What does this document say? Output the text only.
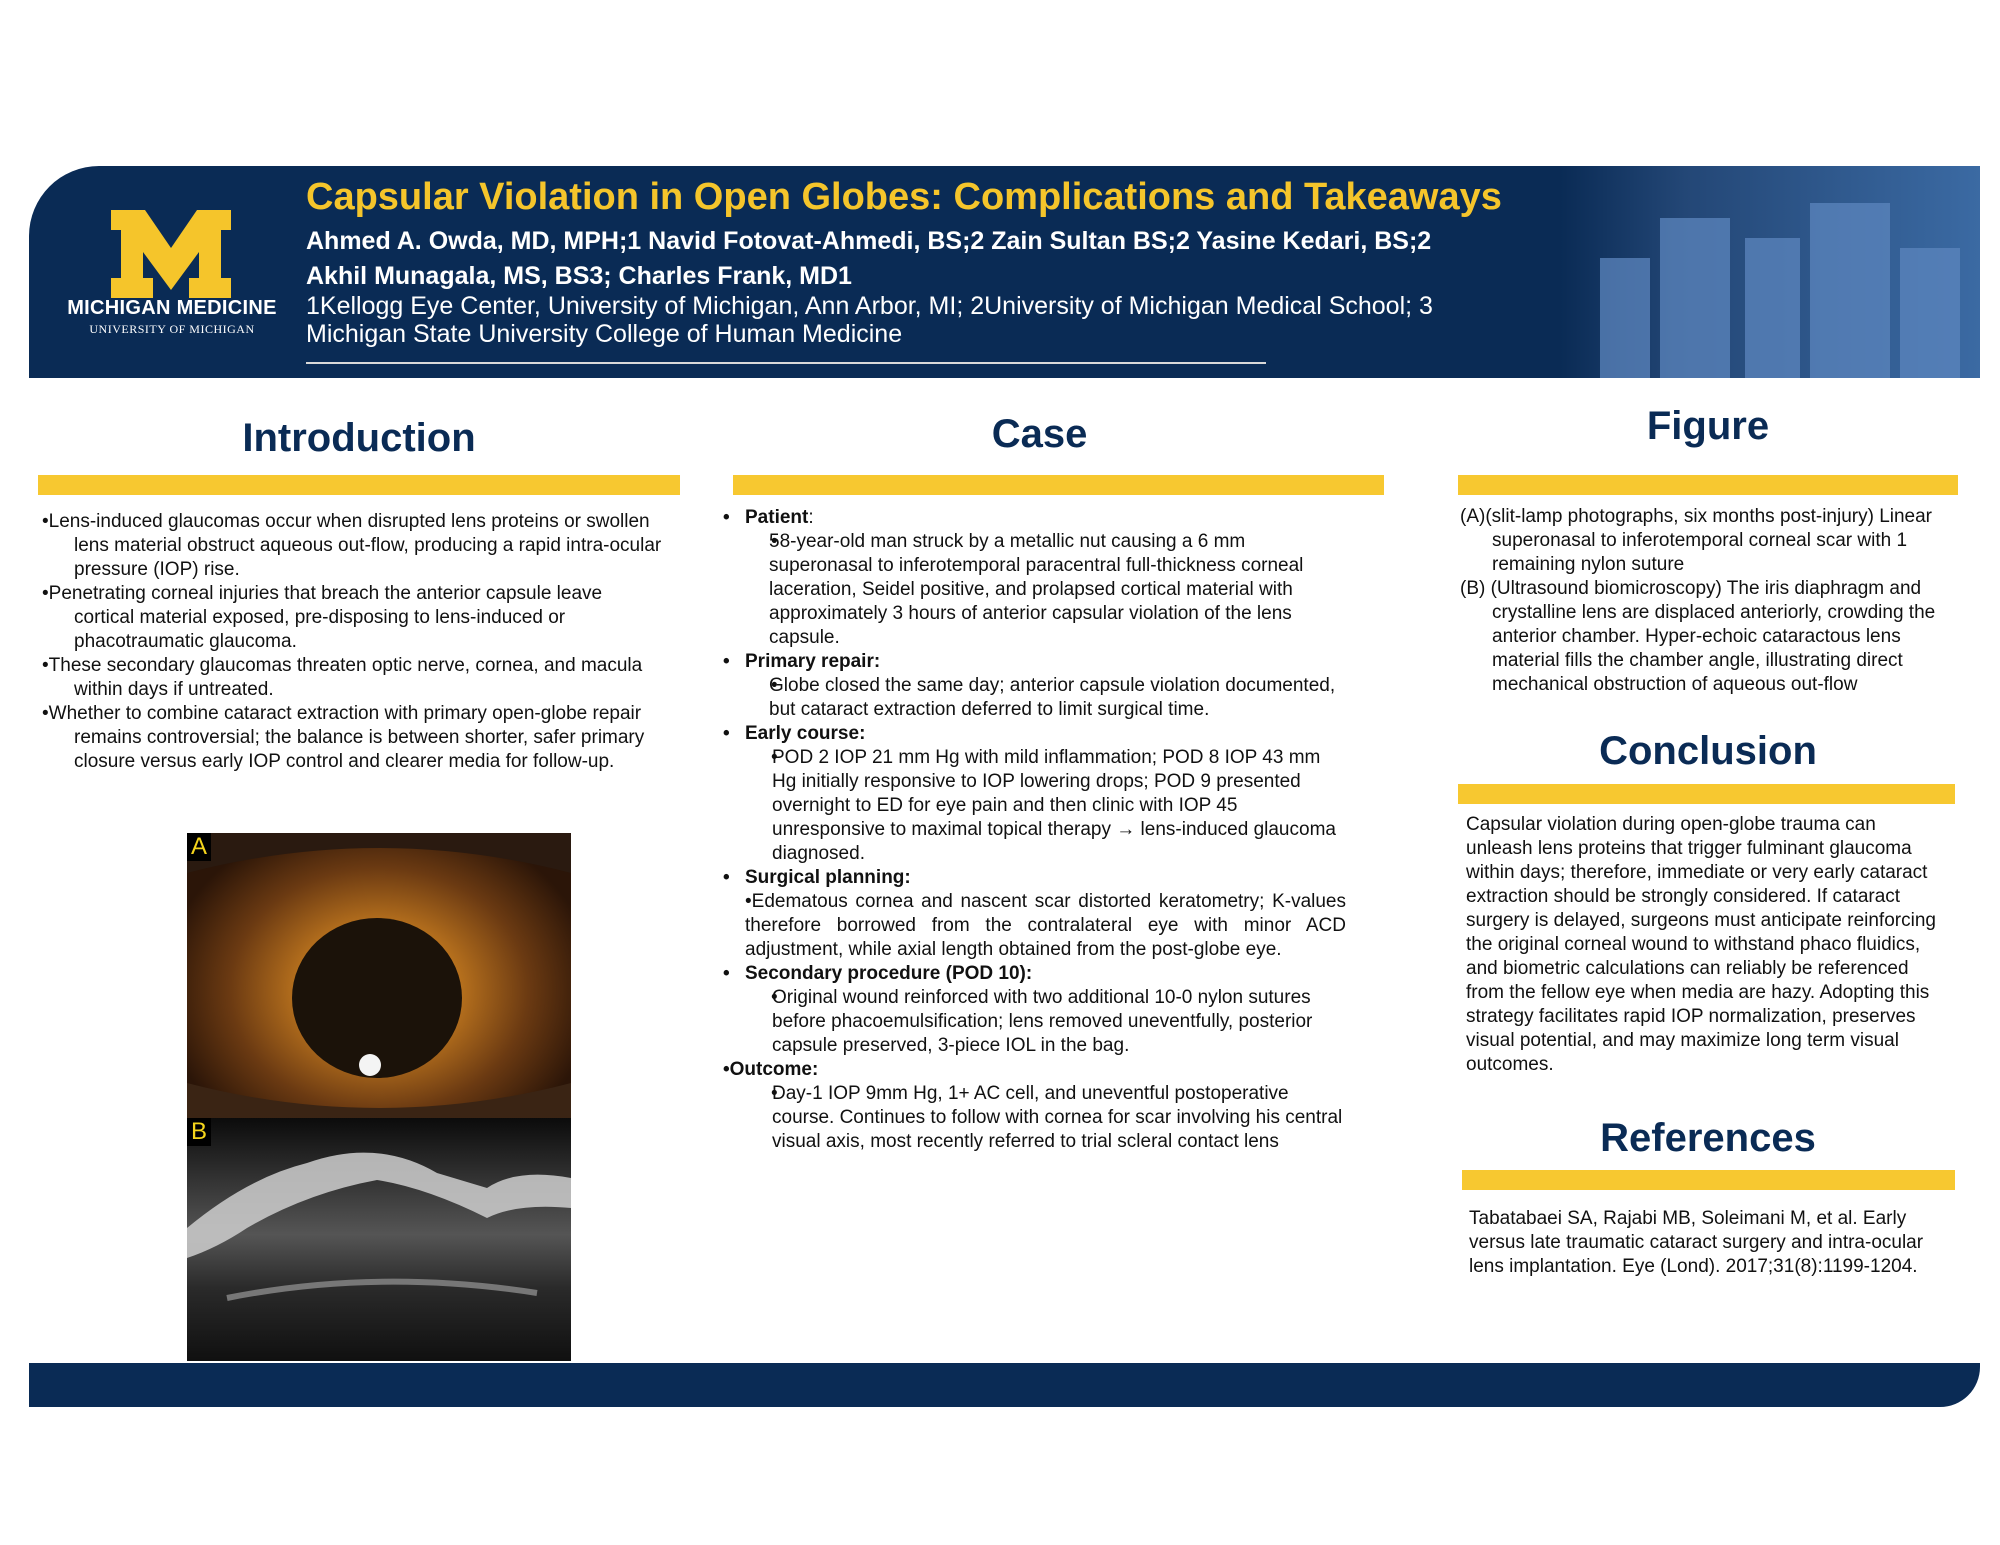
MICHIGAN MEDICINE
UNIVERSITY OF MICHIGAN
Capsular Violation in Open Globes: Complications and Takeaways
Ahmed A. Owda, MD, MPH;1 Navid Fotovat-Ahmedi, BS;2 Zain Sultan BS;2 Yasine Kedari, BS;2
Akhil Munagala, MS, BS3; Charles Frank, MD1
1Kellogg Eye Center, University of Michigan, Ann Arbor, MI; 2University of Michigan Medical School; 3
Michigan State University College of Human Medicine
Introduction

•Lens-induced glaucomas occur when disrupted lens proteins or swollen lens material obstruct aqueous out-flow, producing a rapid intra-ocular pressure (IOP) rise.

•Penetrating corneal injuries that breach the anterior capsule leave cortical material exposed, pre-disposing to lens-induced or phacotraumatic glaucoma.

•These secondary glaucomas threaten optic nerve, cornea, and macula within days if untreated.

•Whether to combine cataract extraction with primary open-globe repair remains controversial; the balance is between shorter, safer primary closure versus early IOP control and clearer media for follow-up.

A
B
Case

• Patient:

• 58-year-old man struck by a metallic nut causing a 6 mm superonasal to inferotemporal paracentral full-thickness corneal laceration, Seidel positive, and prolapsed cortical material with approximately 3 hours of anterior capsular violation of the lens capsule.

• Primary repair:

• Globe closed the same day; anterior capsule violation documented, but cataract extraction deferred to limit surgical time.

• Early course:

• POD 2 IOP 21 mm Hg with mild inflammation; POD 8 IOP 43 mm Hg initially responsive to IOP lowering drops; POD 9 presented overnight to ED for eye pain and then clinic with IOP 45 unresponsive to maximal topical therapy → lens-induced glaucoma diagnosed.

• Surgical planning:

•Edematous cornea and nascent scar distorted keratometry; K-values therefore borrowed from the contralateral eye with minor ACD adjustment, while axial length obtained from the post-globe eye.

• Secondary procedure (POD 10):

• Original wound reinforced with two additional 10-0 nylon sutures before phacoemulsification; lens removed uneventfully, posterior capsule preserved, 3-piece IOL in the bag.

•Outcome:

• Day-1 IOP 9mm Hg, 1+ AC cell, and uneventful postoperative course. Continues to follow with cornea for scar involving his central visual axis, most recently referred to trial scleral contact lens

Figure

(A)(slit-lamp photographs, six months post-injury) Linear superonasal to inferotemporal corneal scar with 1 remaining nylon suture

(B) (Ultrasound biomicroscopy) The iris diaphragm and crystalline lens are displaced anteriorly, crowding the anterior chamber. Hyper-echoic cataractous lens material fills the chamber angle, illustrating direct mechanical obstruction of aqueous out-flow

Conclusion
Capsular violation during open-globe trauma can unleash lens proteins that trigger fulminant glaucoma within days; therefore, immediate or very early cataract extraction should be strongly considered. If cataract surgery is delayed, surgeons must anticipate reinforcing the original corneal wound to withstand phaco fluidics, and biometric calculations can reliably be referenced from the fellow eye when media are hazy. Adopting this strategy facilitates rapid IOP normalization, preserves visual potential, and may maximize long term visual outcomes.
References
Tabatabaei SA, Rajabi MB, Soleimani M, et al. Early versus late traumatic cataract surgery and intra-ocular lens implantation. Eye (Lond). 2017;31(8):1199-1204.
